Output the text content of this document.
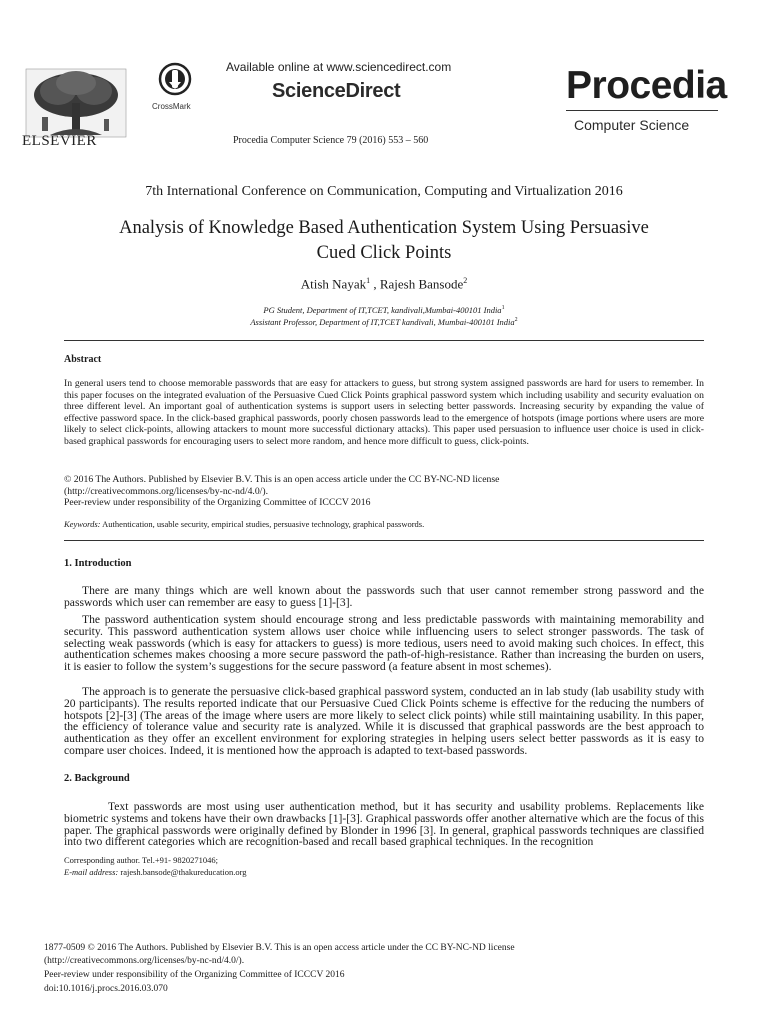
ELSEVIER
CrossMark
Available online at www.sciencedirect.com
ScienceDirect
Procedia Computer Science 79 (2016) 553 – 560
Procedia
Computer Science
7th International Conference on Communication, Computing and Virtualization 2016
Analysis of Knowledge Based Authentication System Using Persuasive
Cued Click Points
Atish Nayak$^1$ , Rajesh Bansode$^2$
PG Student, Department of IT,TCET, kandivali,Mumbai-400101 India$^1$
Assistant Professor, Department of IT,TCET kandivali, Mumbai-400101 India$^2$
Abstract
In general users tend to choose memorable passwords that are easy for attackers to guess, but strong system assigned passwords are hard for users to remember. In this paper focuses on the integrated evaluation of the Persuasive Cued Click Points graphical password system which including usability and security evaluation on three different level. An important goal of authentication systems is support users in selecting better passwords. Increasing security by expanding the value of effective password space. In the click-based graphical passwords, poorly chosen passwords lead to the emergence of hotspots (image portions where users are more likely to select click-points, allowing attackers to mount more successful dictionary attacks). This paper used persuasion to influence user choice is used in click-based graphical passwords for encouraging users to select more random, and hence more difficult to guess, click-points.
© 2016 The Authors. Published by Elsevier B.V. This is an open access article under the CC BY-NC-ND license
(http://creativecommons.org/licenses/by-nc-nd/4.0/).
Peer-review under responsibility of the Organizing Committee of ICCCV 2016
Keywords: Authentication, usable security, empirical studies, persuasive technology, graphical passwords.
1. Introduction
There are many things which are well known about the passwords such that user cannot remember strong password and the passwords which user can remember are easy to guess [1]-[3].
The password authentication system should encourage strong and less predictable passwords with maintaining memorability and security. This password authentication system allows user choice while influencing users to select stronger passwords. The task of selecting weak passwords (which is easy for attackers to guess) is more tedious, users need to avoid making such choices. In effect, this authentication schemes makes choosing a more secure password the path-of-high-resistance. Rather than increasing the burden on users, it is easier to follow the system’s suggestions for the secure password (a feature absent in most schemes).
The approach is to generate the persuasive click-based graphical password system, conducted an in lab study (lab usability study with 20 participants). The results reported indicate that our Persuasive Cued Click Points scheme is effective for the reducing the numbers of hotspots [2]-[3] (The areas of the image where users are more likely to select click points) while still maintaining usability. In this paper, the efficiency of tolerance value and security rate is analyzed. While it is discussed that graphical passwords are the best approach to authentication as they offer an excellent environment for exploring strategies in helping users select better passwords as it is easy to compare user choices. Indeed, it is mentioned how the approach is adapted to text-based passwords.
2. Background
Text passwords are most using user authentication method, but it has security and usability problems. Replacements like biometric systems and tokens have their own drawbacks [1]-[3]. Graphical passwords offer another alternative which are the focus of this paper. The graphical passwords were originally defined by Blonder in 1996 [3]. In general, graphical passwords techniques are classified into two different categories which are recognition-based and recall based graphical techniques. In the recognition
Corresponding author. Tel.+91- 9820271046;
E-mail address: rajesh.bansode@thakureducation.org
1877-0509 © 2016 The Authors. Published by Elsevier B.V. This is an open access article under the CC BY-NC-ND license
(http://creativecommons.org/licenses/by-nc-nd/4.0/).
Peer-review under responsibility of the Organizing Committee of ICCCV 2016
doi:10.1016/j.procs.2016.03.070
